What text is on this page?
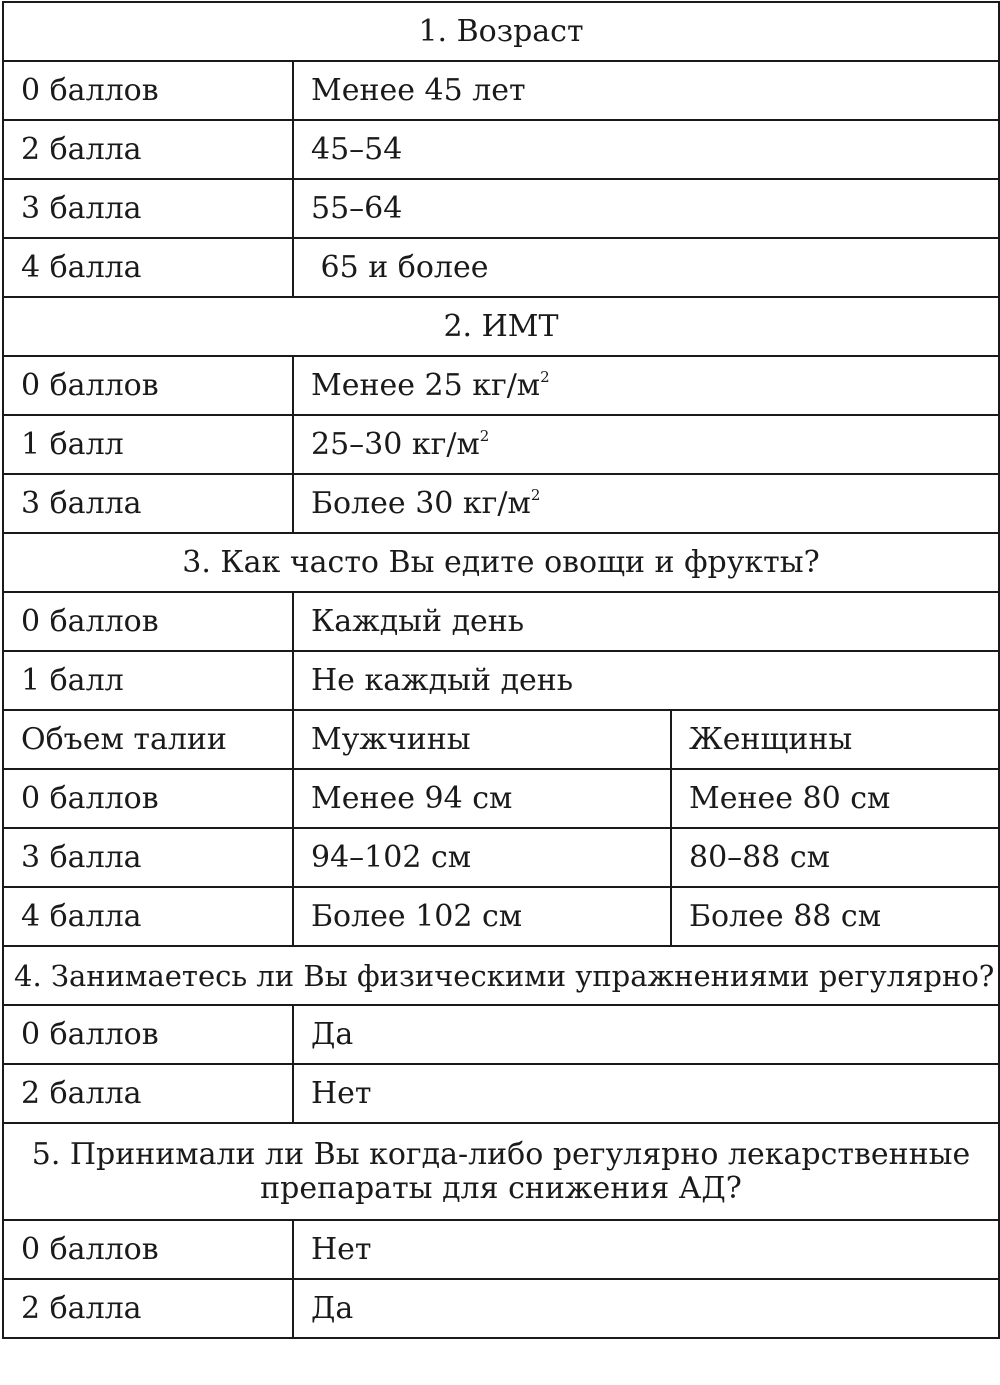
1. Возраст		
0 баллов	Менее 45 лет	
2 балла	45–54	
3 балла	55–64	
4 балла	65 и более	
2. ИМТ		
0 баллов	Менее 25 $кг/м^2$
1 балл	25–30 $кг/м^2$
3 балла	Более 30 $кг/м^2$
3. Как часто Вы едите овощи и фрукты?		
0 баллов	Каждый день	
1 балл	Не каждый день	
Объем талии	Мужчины	Женщины
0 баллов	Менее 94 см	Менее 80 см
3 балла	94–102 см	80–88 см
4 балла	Более 102 см	Более 88 см
4. Занимаетесь ли Вы физическими упражнениями регулярно?		
0 баллов	Да	
2 балла	Нет	
5. Принимали ли Вы когда-либо регулярно лекарственные
препараты для снижения АД?		
0 баллов	Нет	
2 балла	Да	
